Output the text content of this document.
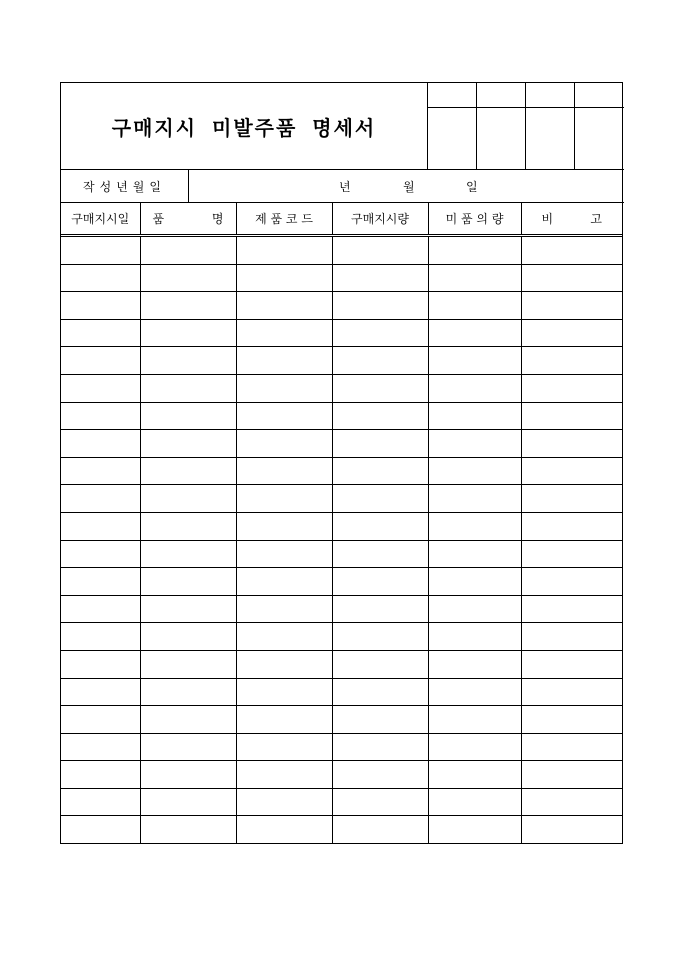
구매지시 미발주품 명세서
작성년월일	년	월	일
구매지시일	품 명	제 품 코 드	구매지시량	미 품 의 량	비 고
